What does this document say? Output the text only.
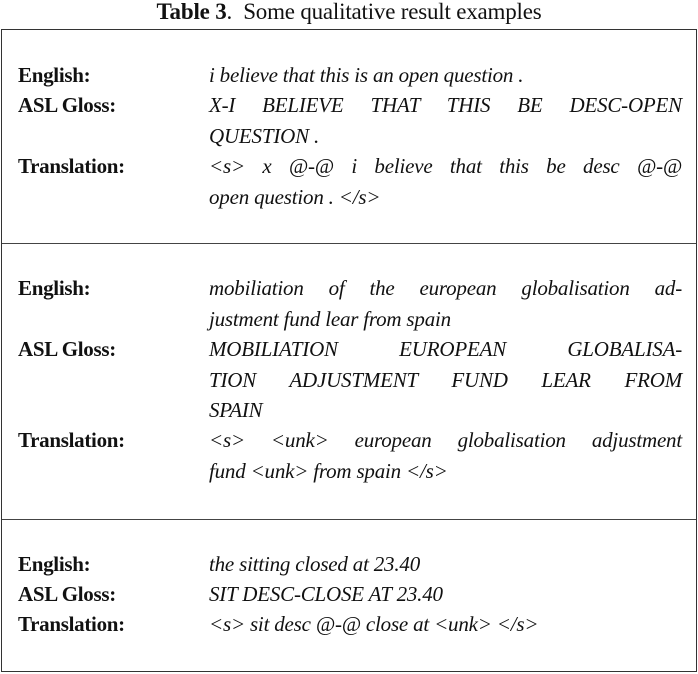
Table 3. Some qualitative result examples
English:	i believe that this is an open question .
ASL Gloss:	X-I BELIEVE THAT THIS BE DESC-OPEN
QUESTION .
Translation:	<s> x @-@ i believe that this be desc @-@
open question . </s>
English:	mobiliation of the european globalisation ad-
justment fund lear from spain
ASL Gloss:	MOBILIATION EUROPEAN GLOBALISA-
TION ADJUSTMENT FUND LEAR FROM
SPAIN
Translation:	<s> <unk> european globalisation adjustment
fund <unk> from spain </s>
English:	the sitting closed at 23.40
ASL Gloss:	SIT DESC-CLOSE AT 23.40
Translation:	<s> sit desc @-@ close at <unk> </s>
